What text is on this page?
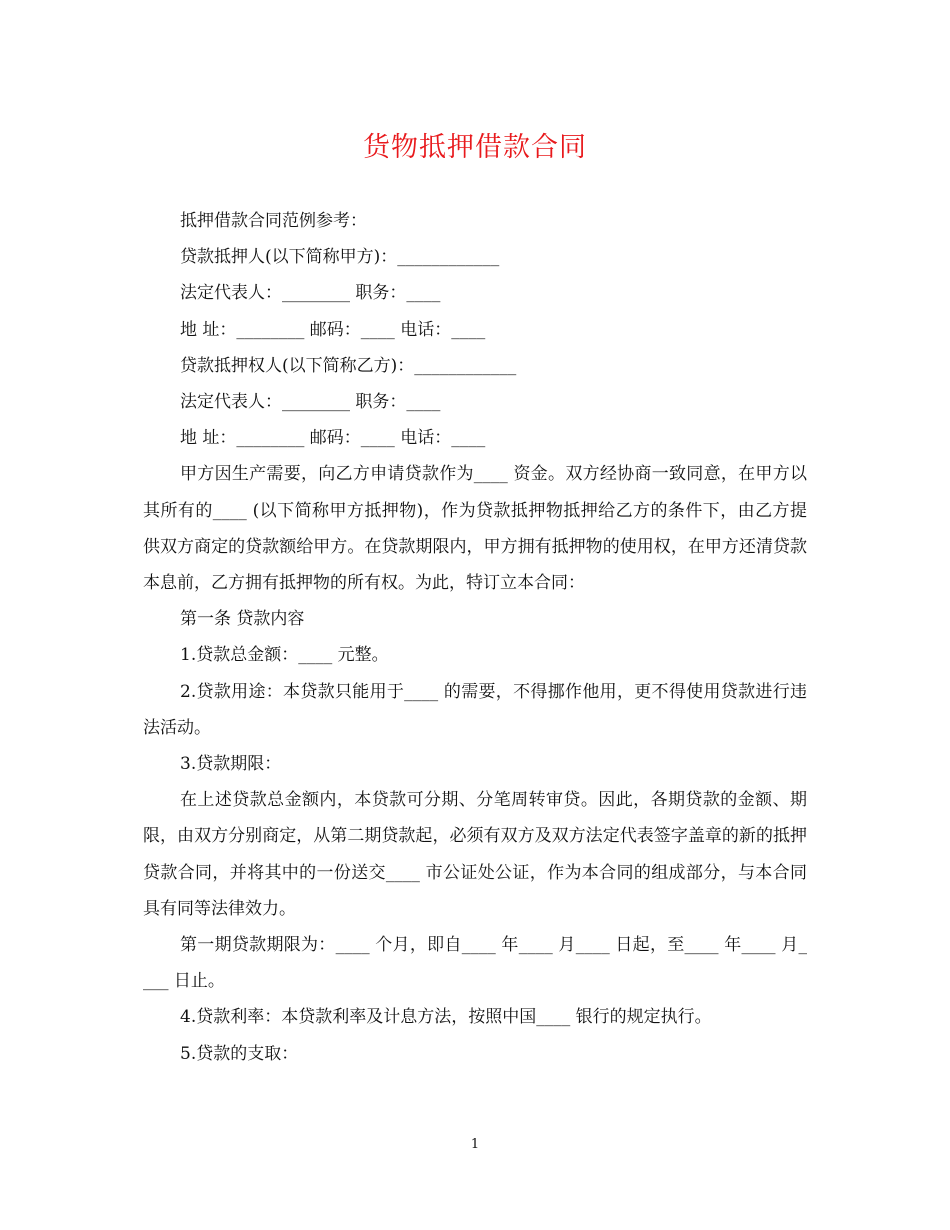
货物抵押借款合同

抵押借款合同范例参考：

贷款抵押人(以下简称甲方)：____________

法定代表人：________ 职务：____

地 址：________ 邮码：____ 电话：____

贷款抵押权人(以下简称乙方)：____________

法定代表人：________ 职务：____

地 址：________ 邮码：____ 电话：____

甲方因生产需要，向乙方申请贷款作为____ 资金。双方经协商一致同意，在甲方以其所有的____ (以下简称甲方抵押物)，作为贷款抵押物抵押给乙方的条件下，由乙方提供双方商定的贷款额给甲方。在贷款期限内，甲方拥有抵押物的使用权，在甲方还清贷款本息前，乙方拥有抵押物的所有权。为此，特订立本合同：

第一条 贷款内容

1.贷款总金额：____ 元整。

2.贷款用途：本贷款只能用于____ 的需要，不得挪作他用，更不得使用贷款进行违法活动。

3.贷款期限：

在上述贷款总金额内，本贷款可分期、分笔周转审贷。因此，各期贷款的金额、期限，由双方分别商定，从第二期贷款起，必须有双方及双方法定代表签字盖章的新的抵押贷款合同，并将其中的一份送交____ 市公证处公证，作为本合同的组成部分，与本合同具有同等法律效力。

第一期贷款期限为：____ 个月，即自____ 年____ 月____ 日起，至____ 年____ 月____ 日止。

4.贷款利率：本贷款利率及计息方法，按照中国____ 银行的规定执行。

5.贷款的支取：

1
